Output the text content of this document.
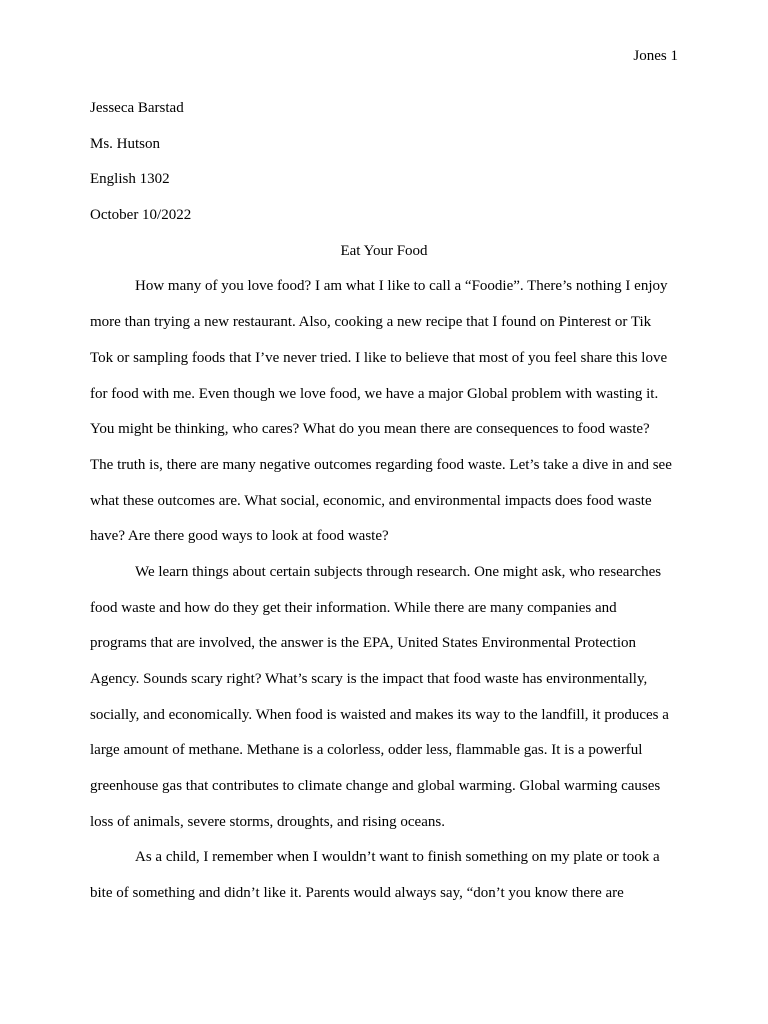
Jones 1
Jesseca Barstad
Ms. Hutson
English 1302
October 10/2022
Eat Your Food
How many of you love food? I am what I like to call a “Foodie”. There’s nothing I enjoy
more than trying a new restaurant. Also, cooking a new recipe that I found on Pinterest or Tik
Tok or sampling foods that I’ve never tried. I like to believe that most of you feel share this love
for food with me. Even though we love food, we have a major Global problem with wasting it.
You might be thinking, who cares? What do you mean there are consequences to food waste?
The truth is, there are many negative outcomes regarding food waste. Let’s take a dive in and see
what these outcomes are. What social, economic, and environmental impacts does food waste
have? Are there good ways to look at food waste?
We learn things about certain subjects through research. One might ask, who researches
food waste and how do they get their information. While there are many companies and
programs that are involved, the answer is the EPA, United States Environmental Protection
Agency. Sounds scary right? What’s scary is the impact that food waste has environmentally,
socially, and economically. When food is waisted and makes its way to the landfill, it produces a
large amount of methane. Methane is a colorless, odder less, flammable gas. It is a powerful
greenhouse gas that contributes to climate change and global warming. Global warming causes
loss of animals, severe storms, droughts, and rising oceans.
As a child, I remember when I wouldn’t want to finish something on my plate or took a
bite of something and didn’t like it. Parents would always say, “don’t you know there are
